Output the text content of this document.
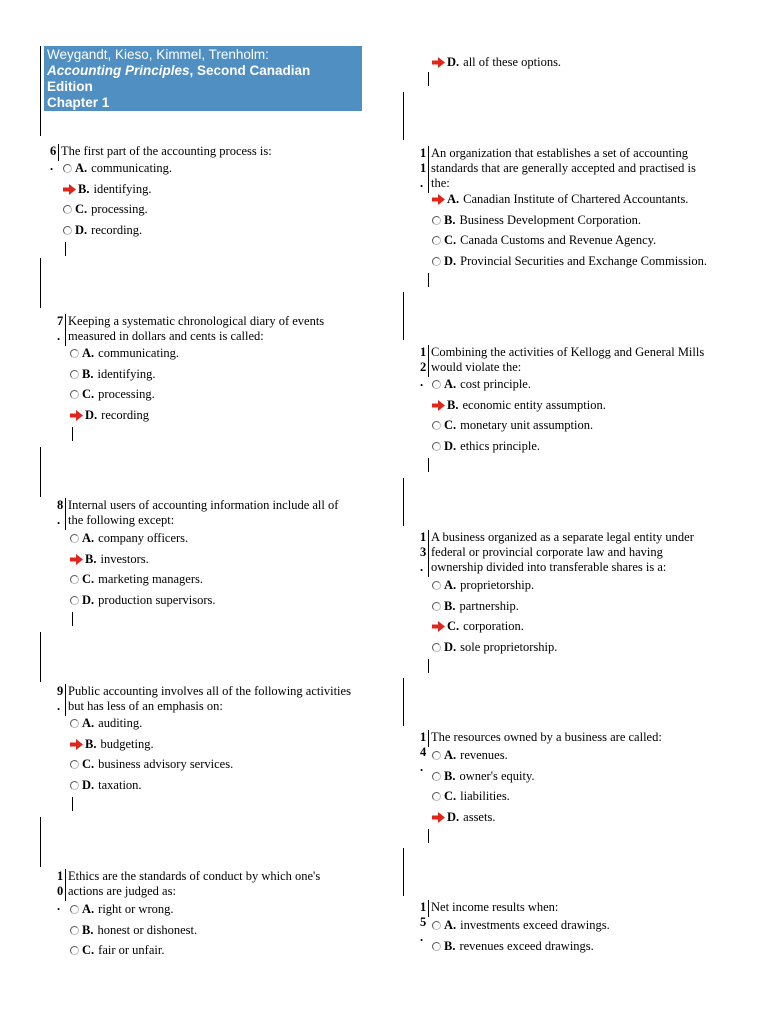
Weygandt, Kieso, Kimmel, Trenholm:
Accounting Principles, Second Canadian
Edition
Chapter 1
D. all of these options.
6
.
The first part of the accounting process is:
A. communicating.
B. identifying.
C. processing.
D. recording.
7
.
Keeping a systematic chronological diary of events
measured in dollars and cents is called:
A. communicating.
B. identifying.
C. processing.
D. recording
8
.
Internal users of accounting information include all of
the following except:
A. company officers.
B. investors.
C. marketing managers.
D. production supervisors.
9
.
Public accounting involves all of the following activities
but has less of an emphasis on:
A. auditing.
B. budgeting.
C. business advisory services.
D. taxation.
1
0
.
Ethics are the standards of conduct by which one's
actions are judged as:
A. right or wrong.
B. honest or dishonest.
C. fair or unfair.
1
1
.
An organization that establishes a set of accounting
standards that are generally accepted and practised is
the:
A. Canadian Institute of Chartered Accountants.
B. Business Development Corporation.
C. Canada Customs and Revenue Agency.
D. Provincial Securities and Exchange Commission.
1
2
.
Combining the activities of Kellogg and General Mills
would violate the:
A. cost principle.
B. economic entity assumption.
C. monetary unit assumption.
D. ethics principle.
1
3
.
A business organized as a separate legal entity under
federal or provincial corporate law and having
ownership divided into transferable shares is a:
A. proprietorship.
B. partnership.
C. corporation.
D. sole proprietorship.
1
4
.
The resources owned by a business are called:
A. revenues.
B. owner's equity.
C. liabilities.
D. assets.
1
5
.
Net income results when:
A. investments exceed drawings.
B. revenues exceed drawings.
